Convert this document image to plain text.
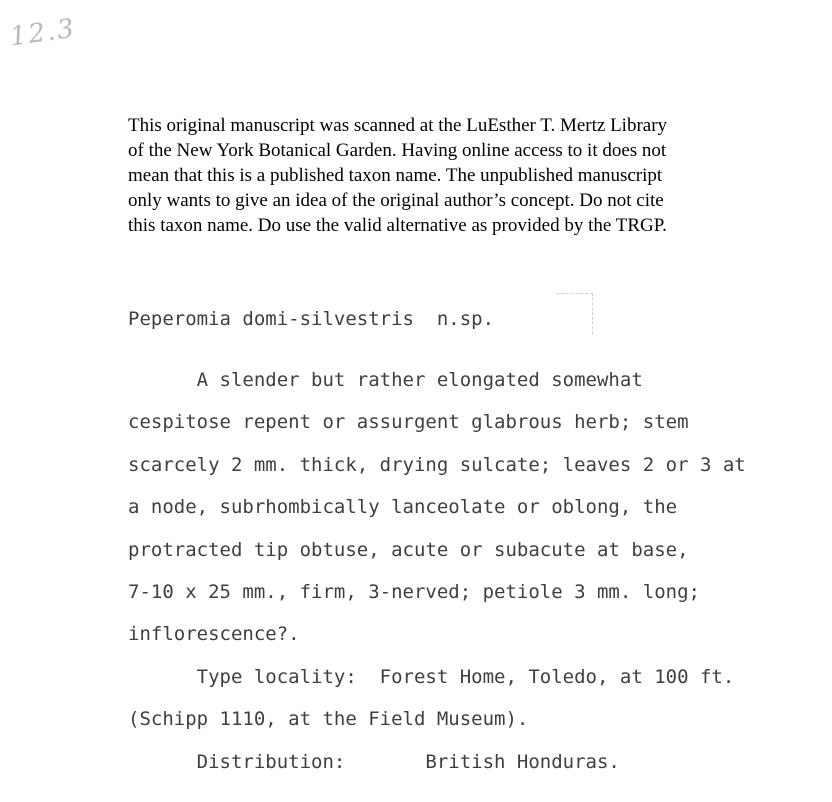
12.3
This original manuscript was scanned at the LuEsther T. Mertz Library
of the New York Botanical Garden. Having online access to it does not
mean that this is a published taxon name. The unpublished manuscript
only wants to give an idea of the original author’s concept. Do not cite
this taxon name. Do use the valid alternative as provided by the TRGP.
Peperomia domi-silvestris  n.sp.
A slender but rather elongated somewhat
cespitose repent or assurgent glabrous herb; stem
scarcely 2 mm. thick, drying sulcate; leaves 2 or 3 at
a node, subrhombically lanceolate or oblong, the
protracted tip obtuse, acute or subacute at base,
7-10 x 25 mm., firm, 3-nerved; petiole 3 mm. long;
inflorescence?.
Type locality:  Forest Home, Toledo, at 100 ft.
(Schipp 1110, at the Field Museum).
Distribution:       British Honduras.
